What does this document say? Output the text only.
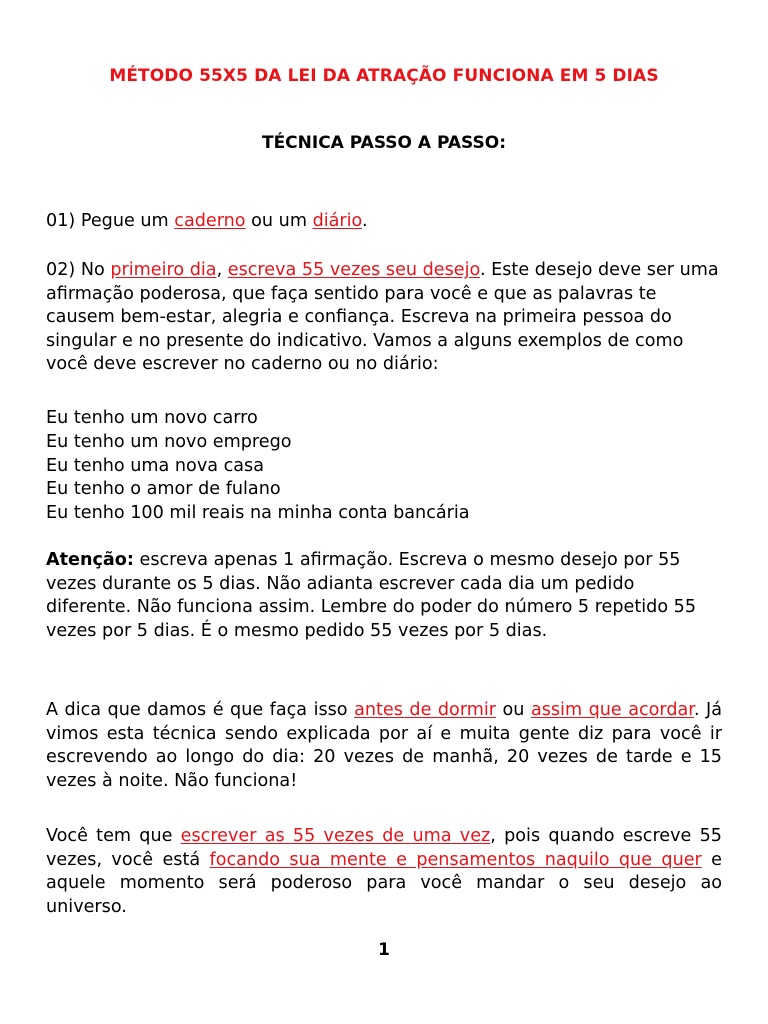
MÉTODO 55X5 DA LEI DA ATRAÇÃO FUNCIONA EM 5 DIAS
TÉCNICA PASSO A PASSO:

01) Pegue um caderno ou um diário.

02) No primeiro dia, escreva 55 vezes seu desejo. Este desejo deve ser uma afirmação poderosa, que faça sentido para você e que as palavras te causem bem-estar, alegria e confiança. Escreva na primeira pessoa do singular e no presente do indicativo. Vamos a alguns exemplos de como você deve escrever no caderno ou no diário:

Eu tenho um novo carro
Eu tenho um novo emprego
Eu tenho uma nova casa
Eu tenho o amor de fulano
Eu tenho 100 mil reais na minha conta bancária

Atenção: escreva apenas 1 afirmação. Escreva o mesmo desejo por 55 vezes durante os 5 dias. Não adianta escrever cada dia um pedido diferente. Não funciona assim. Lembre do poder do número 5 repetido 55 vezes por 5 dias. É o mesmo pedido 55 vezes por 5 dias.

A dica que damos é que faça isso antes de dormir ou assim que acordar. Já vimos esta técnica sendo explicada por aí e muita gente diz para você ir escrevendo ao longo do dia: 20 vezes de manhã, 20 vezes de tarde e 15 vezes à noite. Não funciona!

Você tem que escrever as 55 vezes de uma vez, pois quando escreve 55 vezes, você está focando sua mente e pensamentos naquilo que quer e aquele momento será poderoso para você mandar o seu desejo ao universo.

1
